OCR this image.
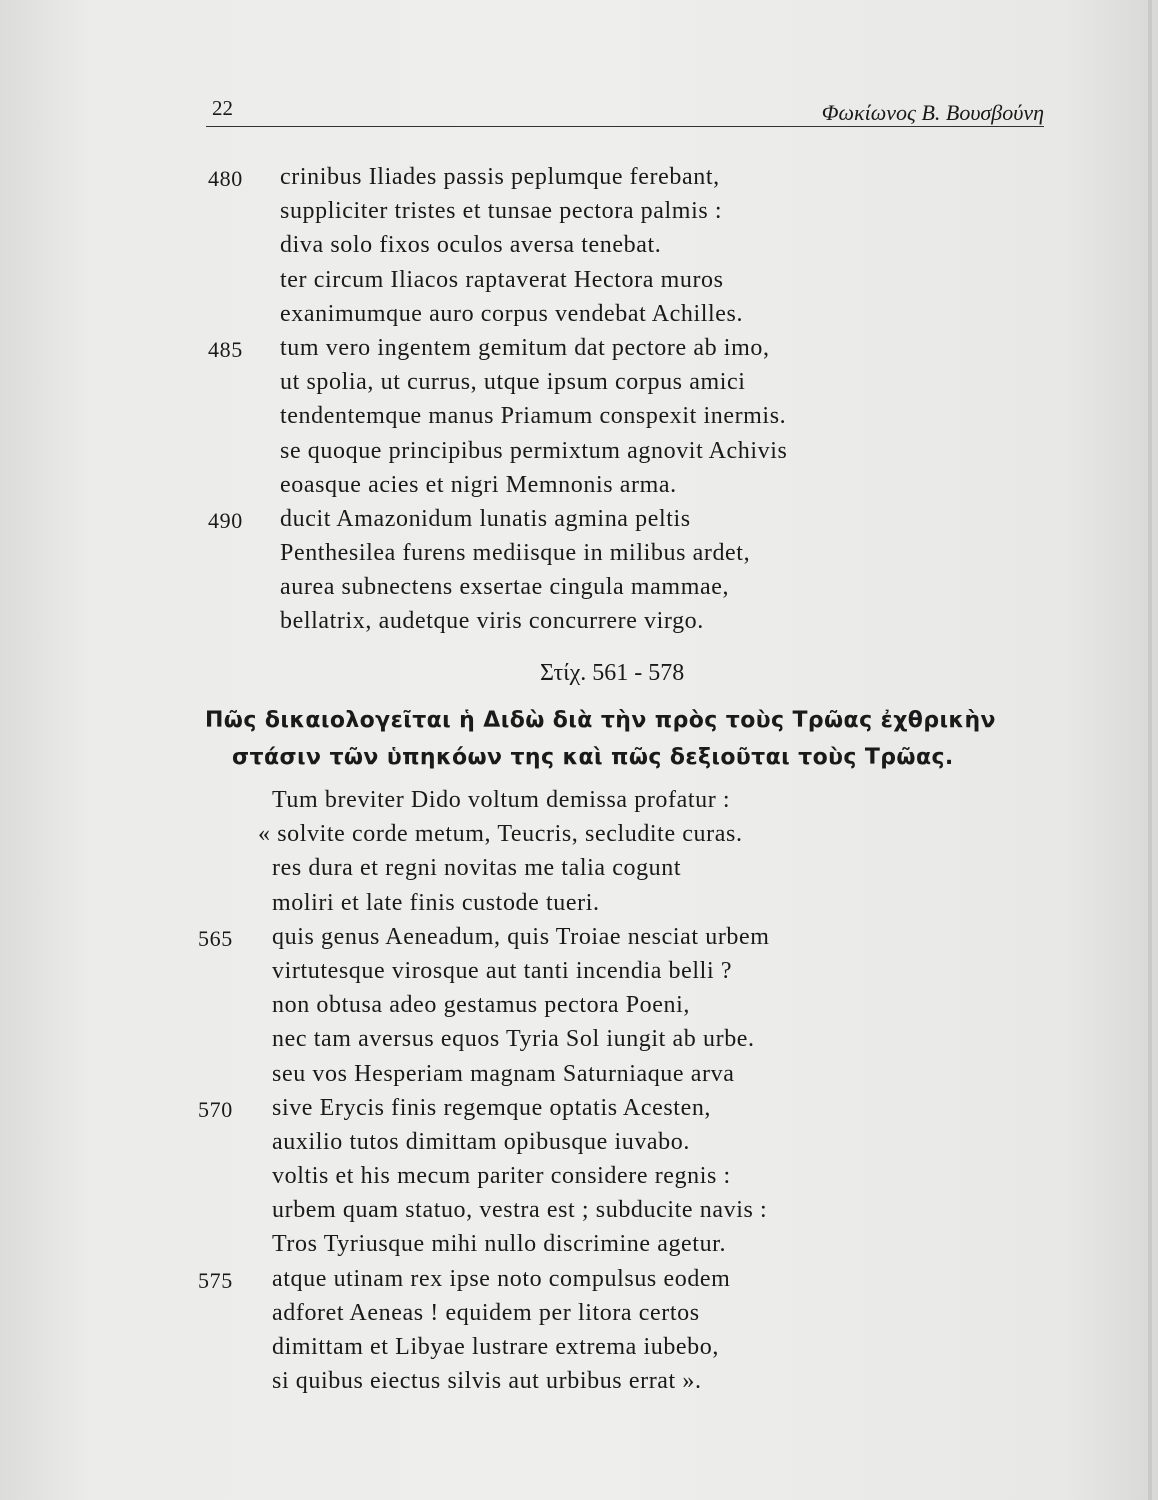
22	Φωκίωνος Β. Βουσβούνη
480 crinibus Iliades passis peplumque ferebant,
suppliciter tristes et tunsae pectora palmis :
diva solo fixos oculos aversa tenebat.
ter circum Iliacos raptaverat Hectora muros
exanimumque auro corpus vendebat Achilles.
485 tum vero ingentem gemitum dat pectore ab imo,
ut spolia, ut currus, utque ipsum corpus amici
tendentemque manus Priamum conspexit inermis.
se quoque principibus permixtum agnovit Achivis
eoasque acies et nigri Memnonis arma.
490 ducit Amazonidum lunatis agmina peltis
Penthesilea furens mediisque in milibus ardet,
aurea subnectens exsertae cingula mammae,
bellatrix, audetque viris concurrere virgo.
Στίχ. 561 - 578
Πῶς δικαιολογεῖται ἡ Διδὼ διὰ τὴν πρὸς τοὺς Τρῶας ἐχθρικὴν
στάσιν τῶν ὑπηκόων της καὶ πῶς δεξιοῦται τοὺς Τρῶας.
Tum breviter Dido voltum demissa profatur :
« solvite corde metum, Teucris, secludite curas.
res dura et regni novitas me talia cogunt
moliri et late finis custode tueri.
565 quis genus Aeneadum, quis Troiae nesciat urbem
virtutesque virosque aut tanti incendia belli ?
non obtusa adeo gestamus pectora Poeni,
nec tam aversus equos Tyria Sol iungit ab urbe.
seu vos Hesperiam magnam Saturniaque arva
570 sive Erycis finis regemque optatis Acesten,
auxilio tutos dimittam opibusque iuvabo.
voltis et his mecum pariter considere regnis :
urbem quam statuo, vestra est ; subducite navis :
Tros Tyriusque mihi nullo discrimine agetur.
575 atque utinam rex ipse noto compulsus eodem
adforet Aeneas ! equidem per litora certos
dimittam et Libyae lustrare extrema iubebo,
si quibus eiectus silvis aut urbibus errat ».
